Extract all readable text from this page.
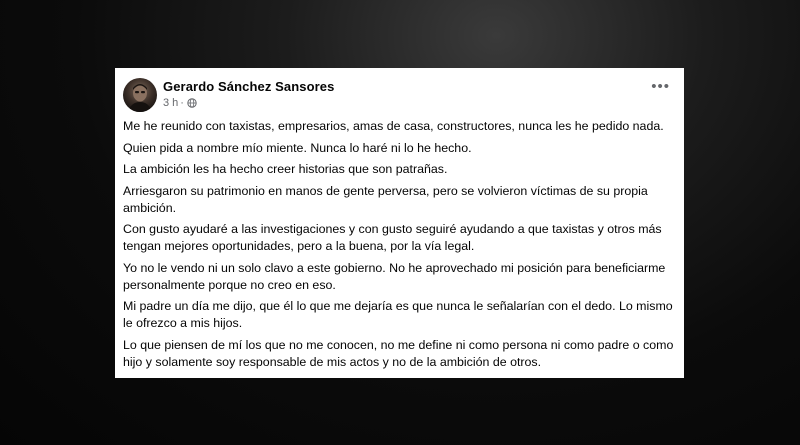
Gerardo Sánchez Sansores
3 h ·
•••

Me he reunido con taxistas, empresarios, amas de casa, constructores, nunca les he pedido nada.

Quien pida a nombre mío miente. Nunca lo haré ni lo he hecho.

La ambición les ha hecho creer historias que son patrañas.

Arriesgaron su patrimonio en manos de gente perversa, pero se volvieron víctimas de su propia ambición.

Con gusto ayudaré a las investigaciones y con gusto seguiré ayudando a que taxistas y otros más tengan mejores oportunidades, pero a la buena, por la vía legal.

Yo no le vendo ni un solo clavo a este gobierno. No he aprovechado mi posición para beneficiarme personalmente porque no creo en eso.

Mi padre un día me dijo, que él lo que me dejaría es que nunca le señalarían con el dedo. Lo mismo le ofrezco a mis hijos.

Lo que piensen de mí los que no me conocen, no me define ni como persona ni como padre o como hijo y solamente soy responsable de mis actos y no de la ambición de otros.
